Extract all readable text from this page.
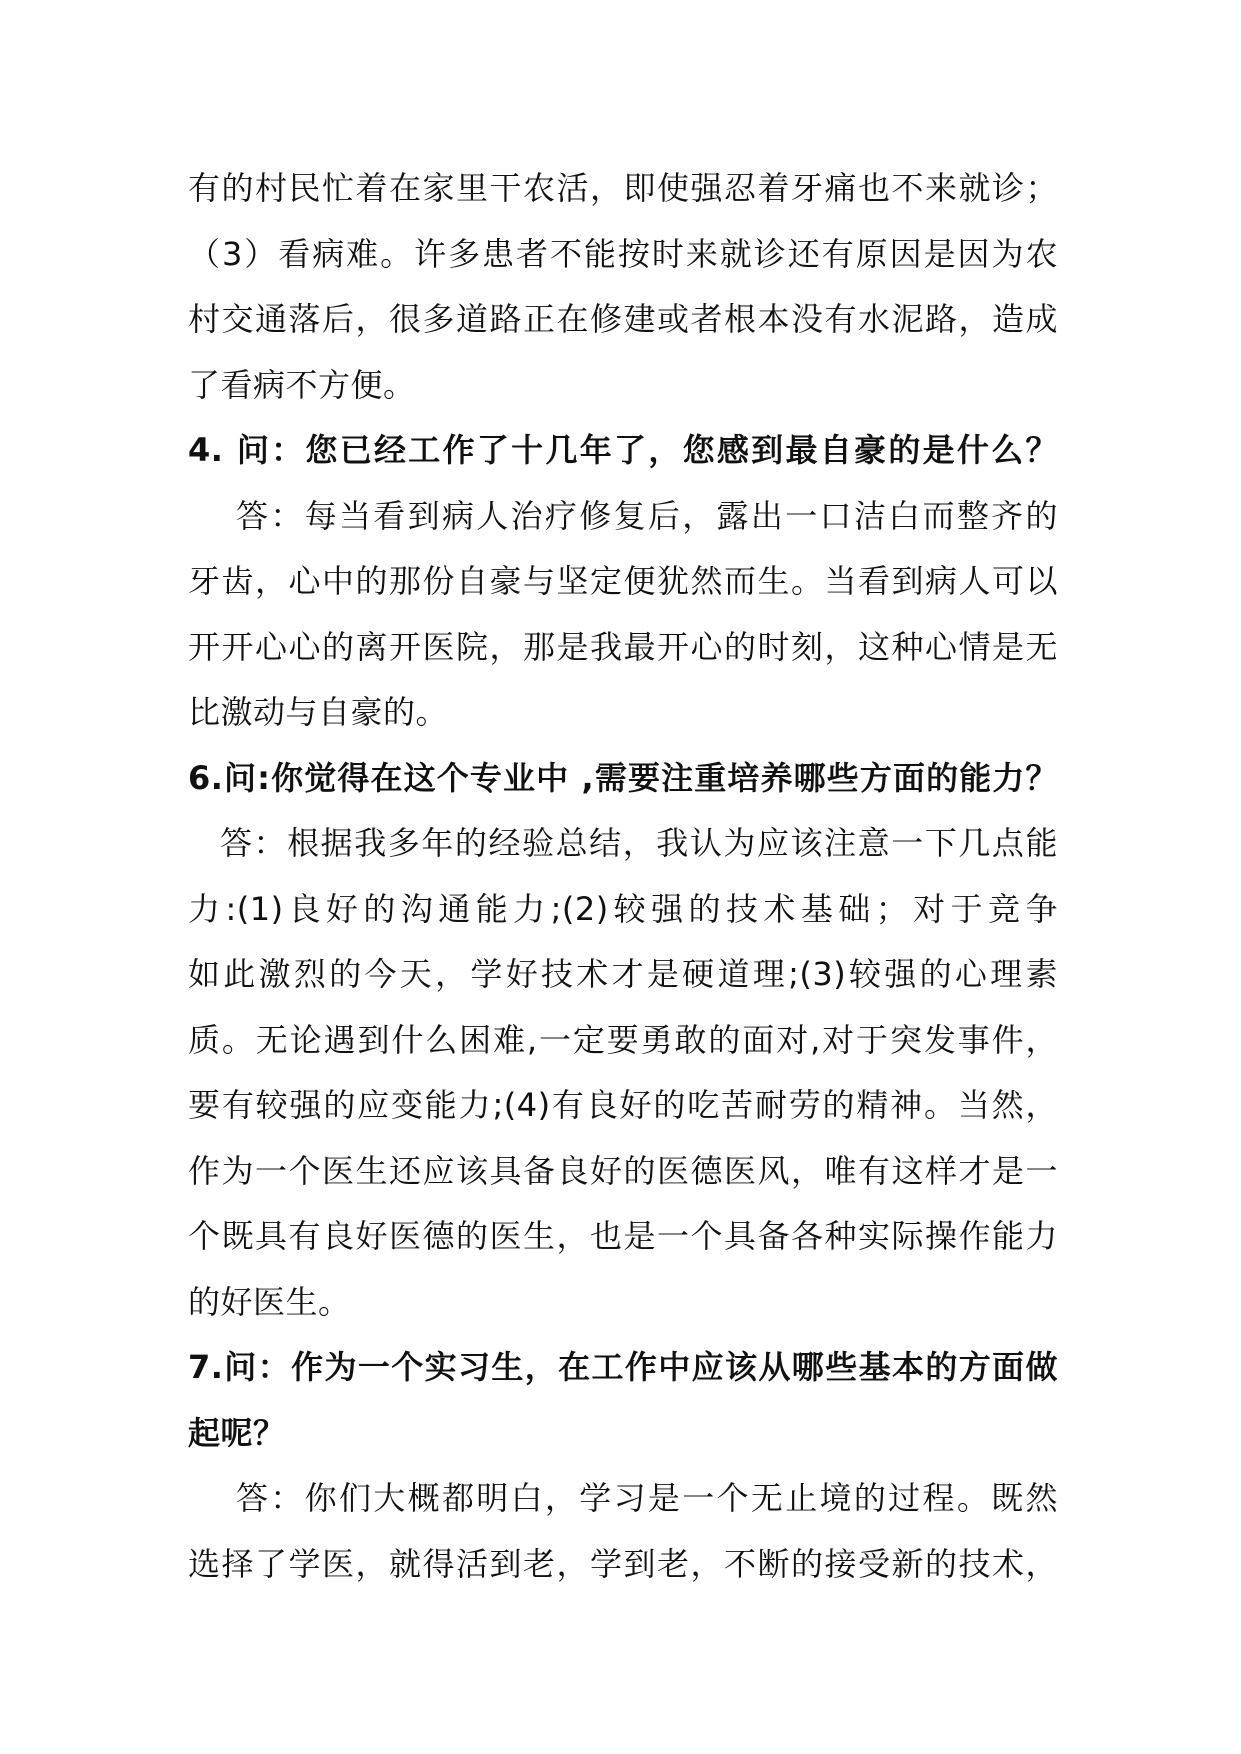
有的村民忙着在家里干农活，即使强忍着牙痛也不来就诊；
（3）看病难。许多患者不能按时来就诊还有原因是因为农
村交通落后，很多道路正在修建或者根本没有水泥路，造成
了看病不方便。
4. 问：您已经工作了十几年了，您感到最自豪的是什么？
答：每当看到病人治疗修复后，露出一口洁白而整齐的
牙齿，心中的那份自豪与坚定便犹然而生。当看到病人可以
开开心心的离开医院，那是我最开心的时刻，这种心情是无
比激动与自豪的。
6.问:你觉得在这个专业中 ,需要注重培养哪些方面的能力？
答：根据我多年的经验总结，我认为应该注意一下几点能
力:(1)良好的沟通能力;(2)较强的技术基础；对于竞争
如此激烈的今天，学好技术才是硬道理;(3)较强的心理素
质。无论遇到什么困难,一定要勇敢的面对,对于突发事件，
要有较强的应变能力;(4)有良好的吃苦耐劳的精神。当然，
作为一个医生还应该具备良好的医德医风，唯有这样才是一
个既具有良好医德的医生，也是一个具备各种实际操作能力
的好医生。
7.问：作为一个实习生，在工作中应该从哪些基本的方面做
起呢？
答：你们大概都明白，学习是一个无止境的过程。既然
选择了学医，就得活到老，学到老，不断的接受新的技术，
